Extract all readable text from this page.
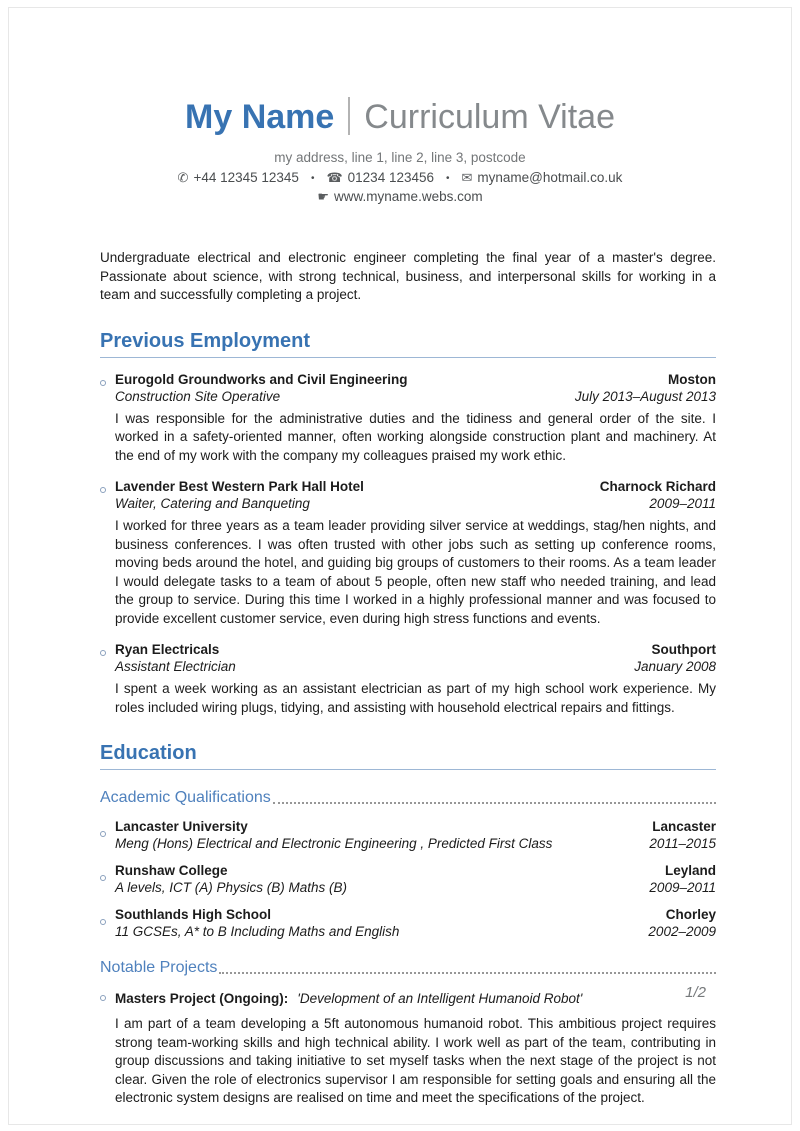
My Name Curriculum Vitae
my address, line 1, line 2, line 3, postcode
✆ +44 12345 12345 • ☎ 01234 123456 • ✉ myname@hotmail.co.uk
☛ www.myname.webs.com
Undergraduate electrical and electronic engineer completing the final year of a master's degree. Passionate about science, with strong technical, business, and interpersonal skills for working in a team and successfully completing a project.
Previous Employment
Eurogold Groundworks and Civil Engineering	Moston
Construction Site Operative	July 2013–August 2013
I was responsible for the administrative duties and the tidiness and general order of the site. I worked in a safety-oriented manner, often working alongside construction plant and machinery. At the end of my work with the company my colleagues praised my work ethic.
Lavender Best Western Park Hall Hotel	Charnock Richard
Waiter, Catering and Banqueting	2009–2011
I worked for three years as a team leader providing silver service at weddings, stag/hen nights, and business conferences. I was often trusted with other jobs such as setting up conference rooms, moving beds around the hotel, and guiding big groups of customers to their rooms. As a team leader I would delegate tasks to a team of about 5 people, often new staff who needed training, and lead the group to service. During this time I worked in a highly professional manner and was focused to provide excellent customer service, even during high stress functions and events.
Ryan Electricals	Southport
Assistant Electrician	January 2008
I spent a week working as an assistant electrician as part of my high school work experience. My roles included wiring plugs, tidying, and assisting with household electrical repairs and fittings.
Education
Academic Qualifications
Lancaster University	Lancaster
Meng (Hons) Electrical and Electronic Engineering , Predicted First Class	2011–2015
Runshaw College	Leyland
A levels, ICT (A) Physics (B) Maths (B)	2009–2011
Southlands High School	Chorley
11 GCSEs, A* to B Including Maths and English	2002–2009
Notable Projects
Masters Project (Ongoing): 'Development of an Intelligent Humanoid Robot'
I am part of a team developing a 5ft autonomous humanoid robot. This ambitious project requires strong team-working skills and high technical ability. I work well as part of the team, contributing in group discussions and taking initiative to set myself tasks when the next stage of the project is not clear. Given the role of electronics supervisor I am responsible for setting goals and ensuring all the electronic system designs are realised on time and meet the specifications of the project.
1/2
